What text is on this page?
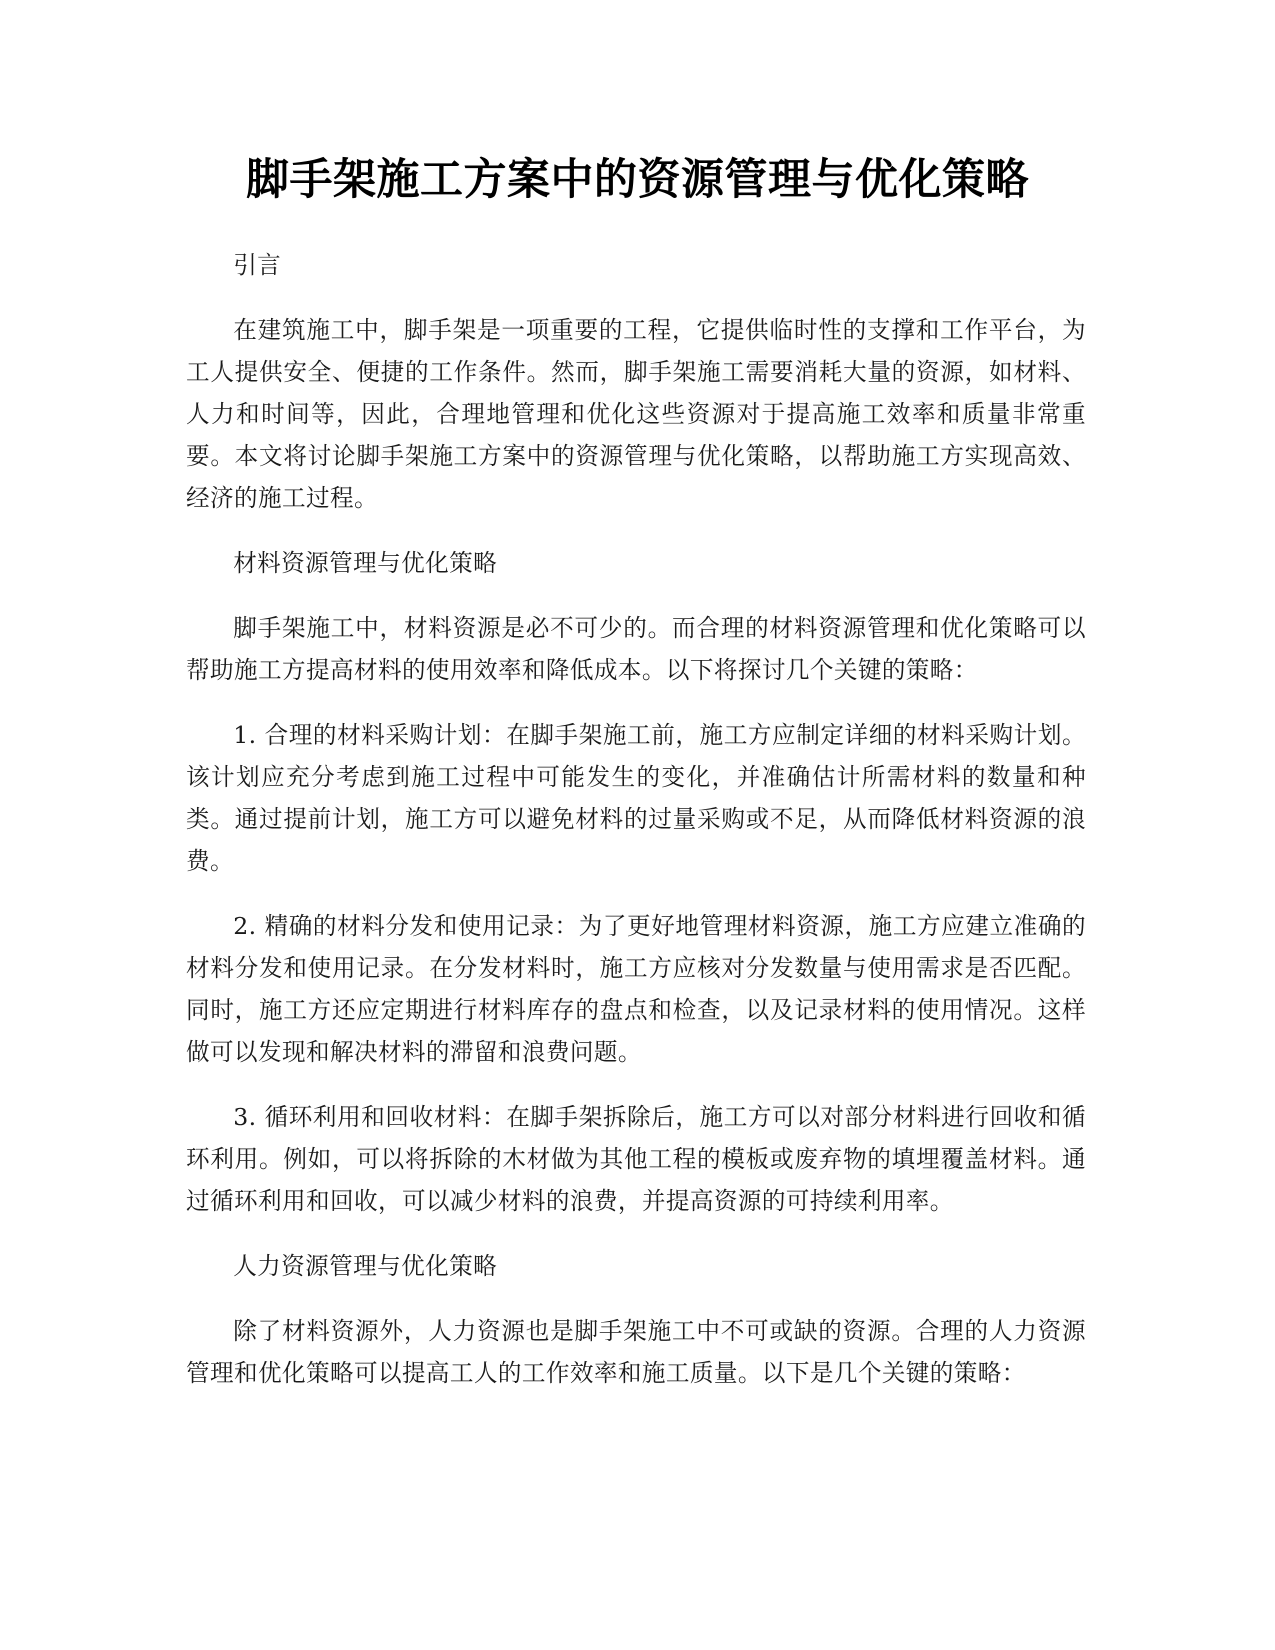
脚手架施工方案中的资源管理与优化策略

引言

在建筑施工中，脚手架是一项重要的工程，它提供临时性的支撑和工作平台，为工人提供安全、便捷的工作条件。然而，脚手架施工需要消耗大量的资源，如材料、人力和时间等，因此，合理地管理和优化这些资源对于提高施工效率和质量非常重要。本文将讨论脚手架施工方案中的资源管理与优化策略，以帮助施工方实现高效、经济的施工过程。

材料资源管理与优化策略

脚手架施工中，材料资源是必不可少的。而合理的材料资源管理和优化策略可以帮助施工方提高材料的使用效率和降低成本。以下将探讨几个关键的策略：

1. 合理的材料采购计划：在脚手架施工前，施工方应制定详细的材料采购计划。该计划应充分考虑到施工过程中可能发生的变化，并准确估计所需材料的数量和种类。通过提前计划，施工方可以避免材料的过量采购或不足，从而降低材料资源的浪费。

2. 精确的材料分发和使用记录：为了更好地管理材料资源，施工方应建立准确的材料分发和使用记录。在分发材料时，施工方应核对分发数量与使用需求是否匹配。同时，施工方还应定期进行材料库存的盘点和检查，以及记录材料的使用情况。这样做可以发现和解决材料的滞留和浪费问题。

3. 循环利用和回收材料：在脚手架拆除后，施工方可以对部分材料进行回收和循环利用。例如，可以将拆除的木材做为其他工程的模板或废弃物的填埋覆盖材料。通过循环利用和回收，可以减少材料的浪费，并提高资源的可持续利用率。

人力资源管理与优化策略

除了材料资源外，人力资源也是脚手架施工中不可或缺的资源。合理的人力资源管理和优化策略可以提高工人的工作效率和施工质量。以下是几个关键的策略：
